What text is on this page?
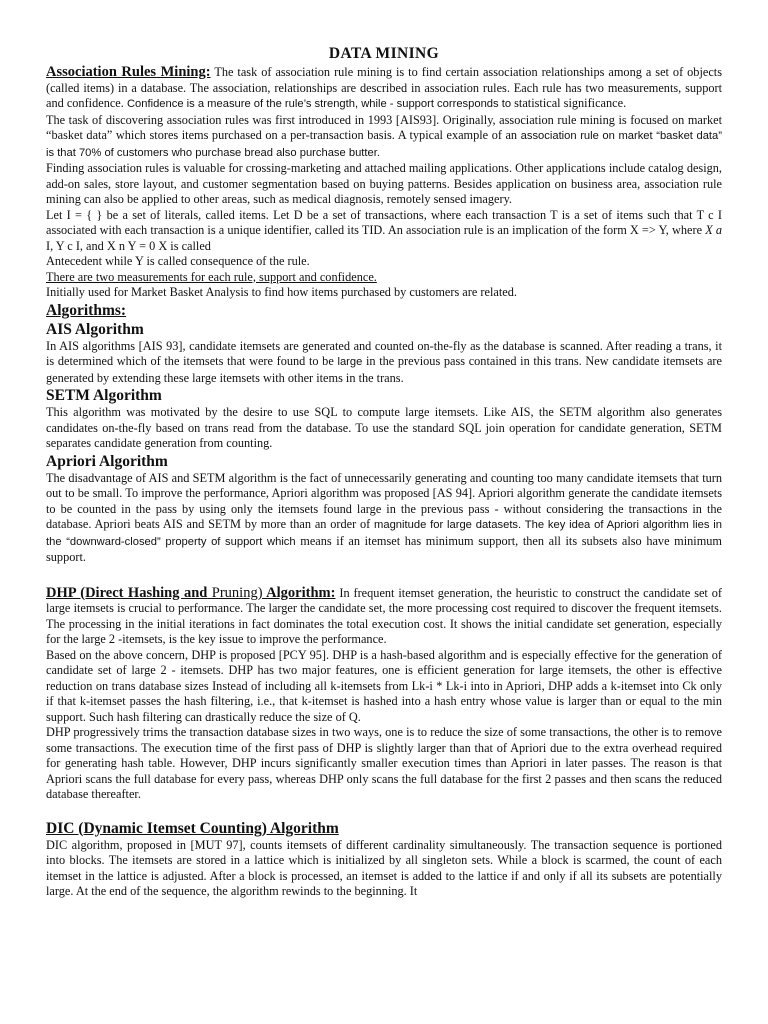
DATA MINING

Association Rules Mining: The task of association rule mining is to find certain association relationships among a set of objects (called items) in a database. The association, relationships are described in association rules. Each rule has two measurements, support and confidence. Confidence is a measure of the rule’s strength, while - support corresponds to statistical significance.

The task of discovering association rules was first introduced in 1993 [AIS93]. Originally, association rule mining is focused on market “basket data” which stores items purchased on a per-transaction basis. A typical example of an association rule on market “basket data” is that 70% of customers who purchase bread also purchase butter.

Finding association rules is valuable for crossing-marketing and attached mailing applications. Other applications include catalog design, add-on sales, store layout, and customer segmentation based on buying patterns. Besides application on business area, association rule mining can also be applied to other areas, such as medical diagnosis, remotely sensed imagery.

Let I = { } be a set of literals, called items. Let D be a set of transactions, where each transaction T is a set of items such that T c I associated with each transaction is a unique identifier, called its TID. An association rule is an implication of the form X => Y, where X a I, Y c I, and X n Y = 0 X is called

Antecedent while Y is called consequence of the rule.

There are two measurements for each rule, support and confidence.

Initially used for Market Basket Analysis to find how items purchased by customers are related.

Algorithms:
AIS Algorithm

In AIS algorithms [AIS 93], candidate itemsets are generated and counted on-the-fly as the database is scanned. After reading a trans, it is determined which of the itemsets that were found to be large in the previous pass contained in this trans. New candidate itemsets are generated by extending these large itemsets with other items in the trans.

SETM Algorithm

This algorithm was motivated by the desire to use SQL to compute large itemsets. Like AIS, the SETM algorithm also generates candidates on-the-fly based on trans read from the database. To use the standard SQL join operation for candidate generation, SETM separates candidate generation from counting.

Apriori Algorithm

The disadvantage of AIS and SETM algorithm is the fact of unnecessarily generating and counting too many candidate itemsets that turn out to be small. To improve the performance, Apriori algorithm was proposed [AS 94]. Apriori algorithm generate the candidate itemsets to be counted in the pass by using only the itemsets found large in the previous pass - without considering the transactions in the database. Apriori beats AIS and SETM by more than an order of magnitude for large datasets. The key idea of Apriori algorithm lies in the “downward-closed” property of support which means if an itemset has minimum support, then all its subsets also have minimum support.

DHP (Direct Hashing and Pruning) Algorithm: In frequent itemset generation, the heuristic to construct the candidate set of large itemsets is crucial to performance. The larger the candidate set, the more processing cost required to discover the frequent itemsets. The processing in the initial iterations in fact dominates the total execution cost. It shows the initial candidate set generation, especially for the large 2 -itemsets, is the key issue to improve the performance.

Based on the above concern, DHP is proposed [PCY 95]. DHP is a hash-based algorithm and is especially effective for the generation of candidate set of large 2 - itemsets. DHP has two major features, one is efficient generation for large itemsets, the other is effective reduction on trans database sizes Instead of including all k-itemsets from Lk-i * Lk-i into in Apriori, DHP adds a k-itemset into Ck only if that k-itemset passes the hash filtering, i.e., that k-itemset is hashed into a hash entry whose value is larger than or equal to the min support. Such hash filtering can drastically reduce the size of Q.

DHP progressively trims the transaction database sizes in two ways, one is to reduce the size of some transactions, the other is to remove some transactions. The execution time of the first pass of DHP is slightly larger than that of Apriori due to the extra overhead required for generating hash table. However, DHP incurs significantly smaller execution times than Apriori in later passes. The reason is that Apriori scans the full database for every pass, whereas DHP only scans the full database for the first 2 passes and then scans the reduced database thereafter.

DIC (Dynamic Itemset Counting) Algorithm

DIC algorithm, proposed in [MUT 97], counts itemsets of different cardinality simultaneously. The transaction sequence is portioned into blocks. The itemsets are stored in a lattice which is initialized by all singleton sets. While a block is scarmed, the count of each itemset in the lattice is adjusted. After a block is processed, an itemset is added to the lattice if and only if all its subsets are potentially large. At the end of the sequence, the algorithm rewinds to the beginning. It
